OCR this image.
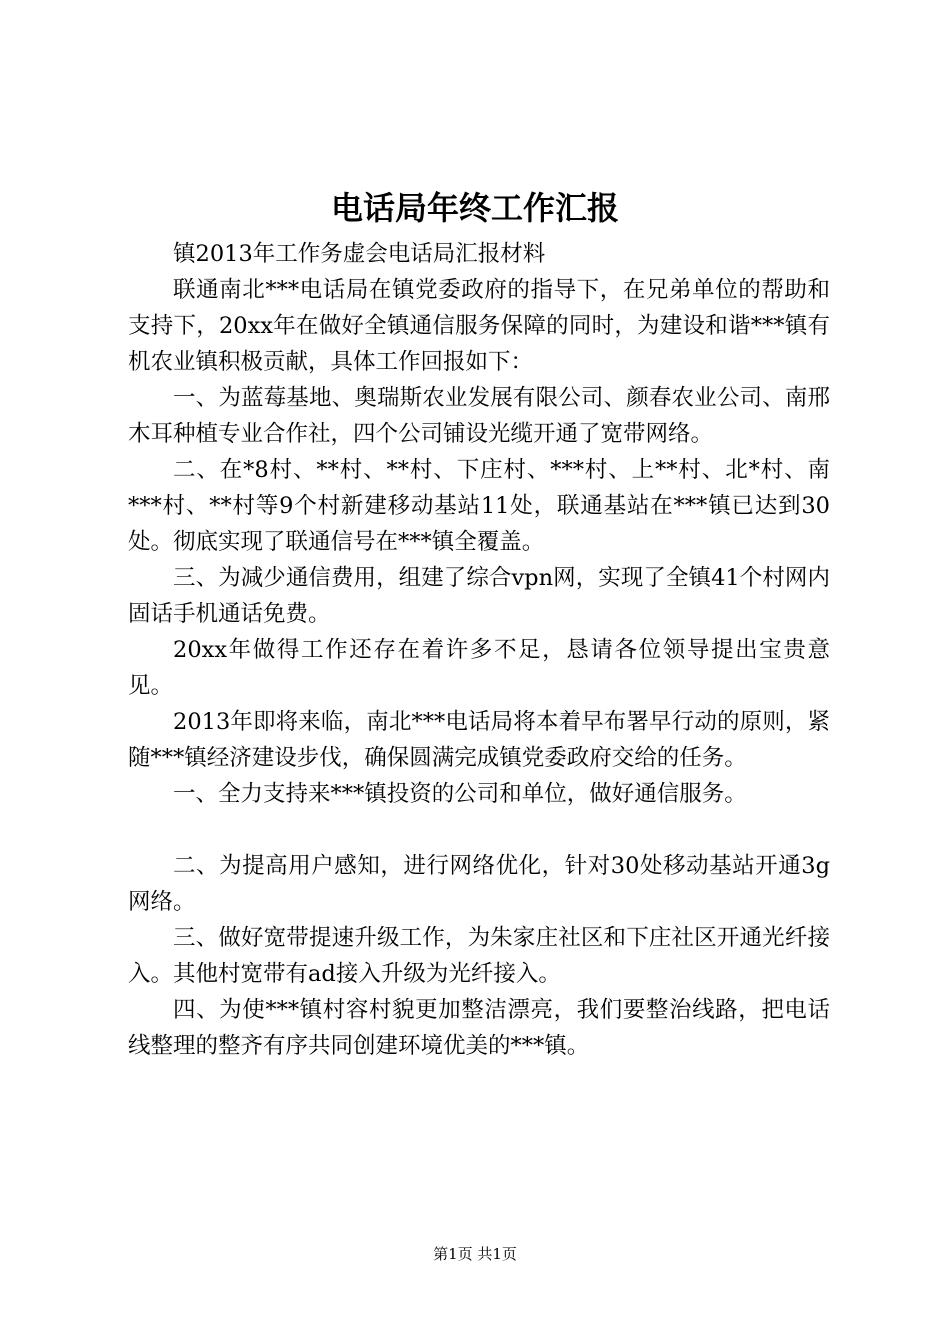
电话局年终工作汇报

镇2013年工作务虚会电话局汇报材料

联通南北***电话局在镇党委政府的指导下，在兄弟单位的帮助和支持下，20xx年在做好全镇通信服务保障的同时，为建设和谐***镇有机农业镇积极贡献，具体工作回报如下：

一、为蓝莓基地、奥瑞斯农业发展有限公司、颜春农业公司、南邢木耳种植专业合作社，四个公司铺设光缆开通了宽带网络。

二、在*8村、**村、**村、下庄村、***村、上**村、北*村、南***村、**村等9个村新建移动基站11处，联通基站在***镇已达到30处。彻底实现了联通信号在***镇全覆盖。

三、为减少通信费用，组建了综合vpn网，实现了全镇41个村网内固话手机通话免费。

20xx年做得工作还存在着许多不足，恳请各位领导提出宝贵意见。

2013年即将来临，南北***电话局将本着早布署早行动的原则，紧随***镇经济建设步伐，确保圆满完成镇党委政府交给的任务。

一、全力支持来***镇投资的公司和单位，做好通信服务。

二、为提高用户感知，进行网络优化，针对30处移动基站开通3g网络。

三、做好宽带提速升级工作，为朱家庄社区和下庄社区开通光纤接入。其他村宽带有ad接入升级为光纤接入。

四、为使***镇村容村貌更加整洁漂亮，我们要整治线路，把电话线整理的整齐有序共同创建环境优美的***镇。

第1页 共1页
